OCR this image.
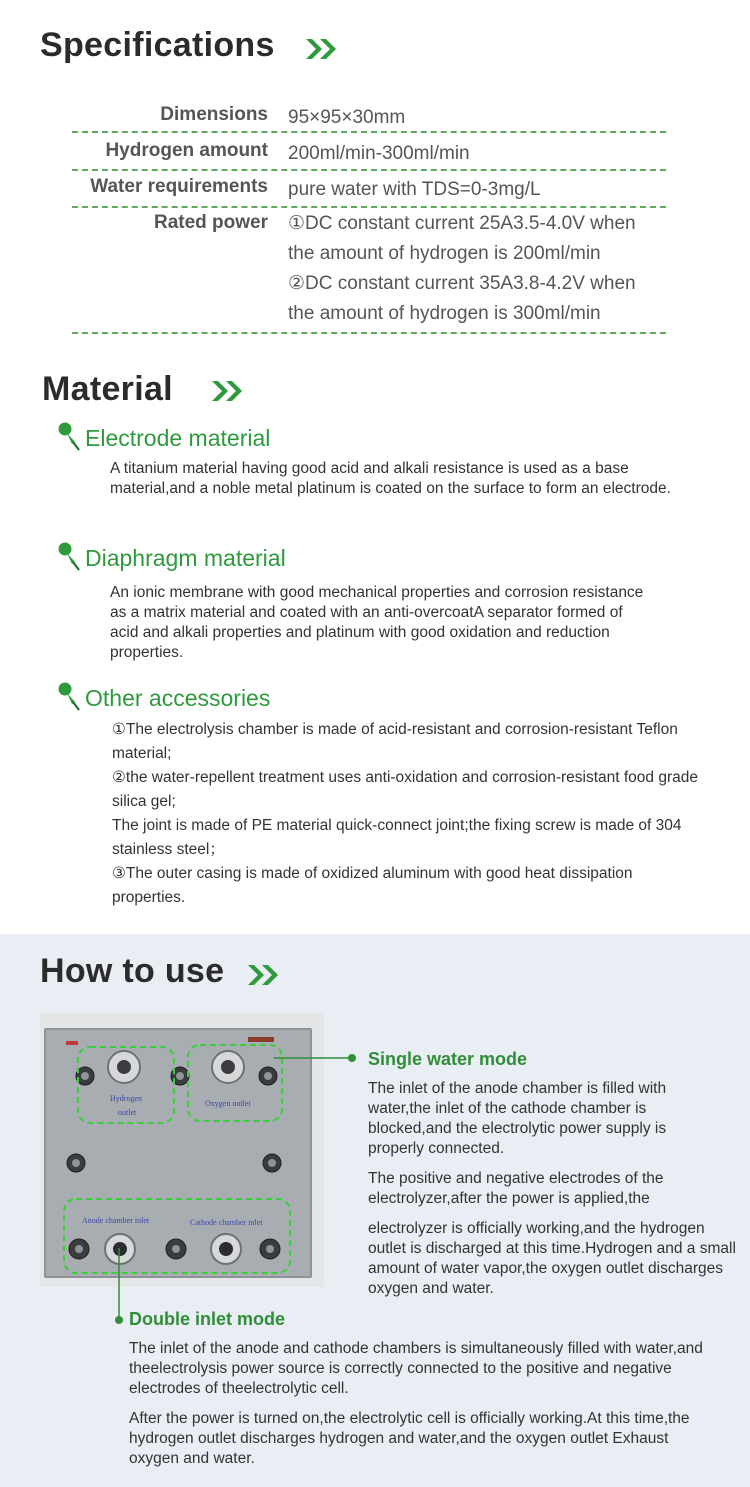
Specifications
Dimensions 95×95×30mm
Hydrogen amount 200ml/min-300ml/min
Water requirements pure water with TDS=0-3mg/L
Rated power ①DC constant current 25A3.5-4.0V when
the amount of hydrogen is 200ml/min
②DC constant current 35A3.8-4.2V when
the amount of hydrogen is 300ml/min
Material
Electrode material
A titanium material having good acid and alkali resistance is used as a base material,and a noble metal platinum is coated on the surface to form an electrode.
Diaphragm material
An ionic membrane with good mechanical properties and corrosion resistance as a matrix material and coated with an anti-overcoatA separator formed of acid and alkali properties and platinum with good oxidation and reduction properties.
Other accessories
①The electrolysis chamber is made of acid-resistant and corrosion-resistant Teflon material;
②the water-repellent treatment uses anti-oxidation and corrosion-resistant food grade silica gel;
The joint is made of PE material quick-connect joint;the fixing screw is made of 304 stainless steel；
③The outer casing is made of oxidized aluminum with good heat dissipation properties.
How to use
Hydrogen
outlet
Oxygen outlet
Anode chamber inlet	Cathode chamber inlet
Single water mode
The inlet of the anode chamber is filled with water,the inlet of the cathode chamber is blocked,and the electrolytic power supply is properly connected.
The positive and negative electrodes of the electrolyzer,after the power is applied,the
electrolyzer is officially working,and the hydrogen outlet is discharged at this time.Hydrogen and a small amount of water vapor,the oxygen outlet discharges oxygen and water.
Double inlet mode
The inlet of the anode and cathode chambers is simultaneously filled with water,and theelectrolysis power source is correctly connected to the positive and negative electrodes of theelectrolytic cell.
After the power is turned on,the electrolytic cell is officially working.At this time,the hydrogen outlet discharges hydrogen and water,and the oxygen outlet Exhaust oxygen and water.
